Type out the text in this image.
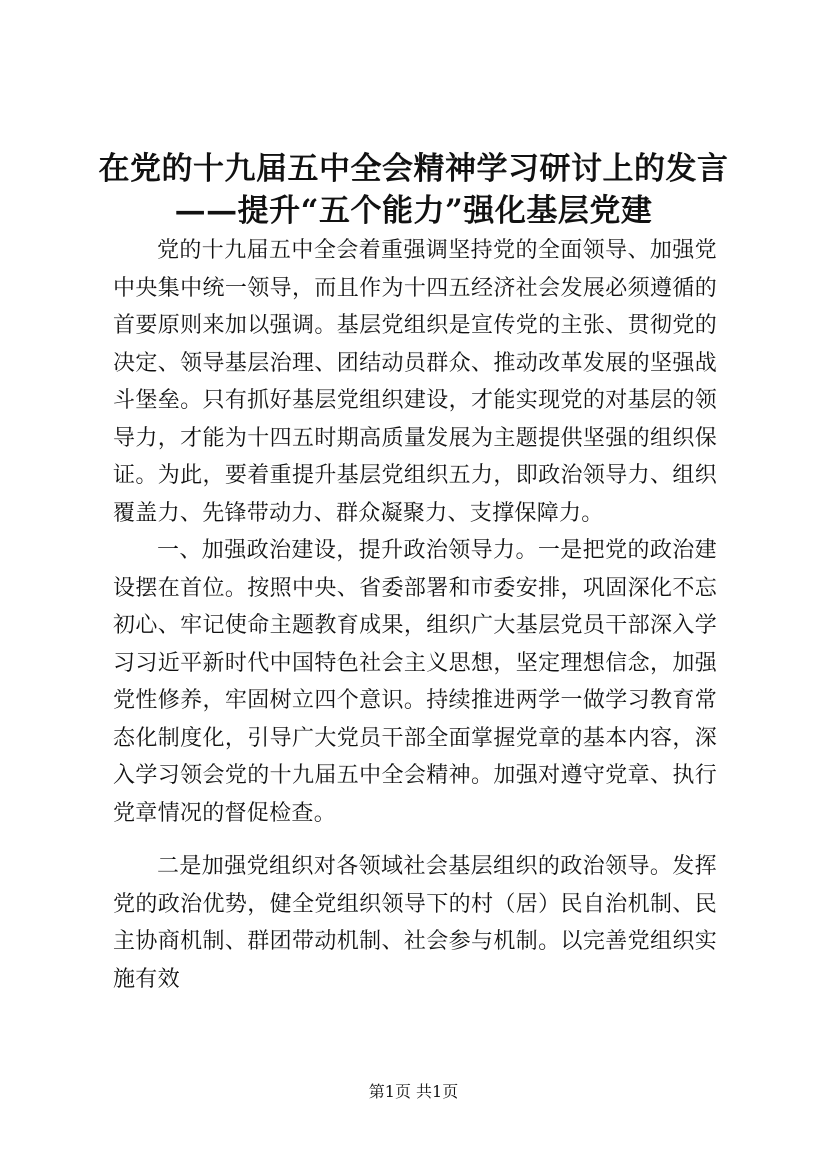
在党的十九届五中全会精神学习研讨上的发言
——提升“五个能力”强化基层党建

党的十九届五中全会着重强调坚持党的全面领导、加强党中央集中统一领导，而且作为十四五经济社会发展必须遵循的首要原则来加以强调。基层党组织是宣传党的主张、贯彻党的决定、领导基层治理、团结动员群众、推动改革发展的坚强战斗堡垒。只有抓好基层党组织建设，才能实现党的对基层的领导力，才能为十四五时期高质量发展为主题提供坚强的组织保证。为此，要着重提升基层党组织五力，即政治领导力、组织覆盖力、先锋带动力、群众凝聚力、支撑保障力。

一、加强政治建设，提升政治领导力。一是把党的政治建设摆在首位。按照中央、省委部署和市委安排，巩固深化不忘初心、牢记使命主题教育成果，组织广大基层党员干部深入学习习近平新时代中国特色社会主义思想，坚定理想信念，加强党性修养，牢固树立四个意识。持续推进两学一做学习教育常态化制度化，引导广大党员干部全面掌握党章的基本内容，深入学习领会党的十九届五中全会精神。加强对遵守党章、执行党章情况的督促检查。

二是加强党组织对各领域社会基层组织的政治领导。发挥党的政治优势，健全党组织领导下的村（居）民自治机制、民主协商机制、群团带动机制、社会参与机制。以完善党组织实施有效

第1页 共1页
